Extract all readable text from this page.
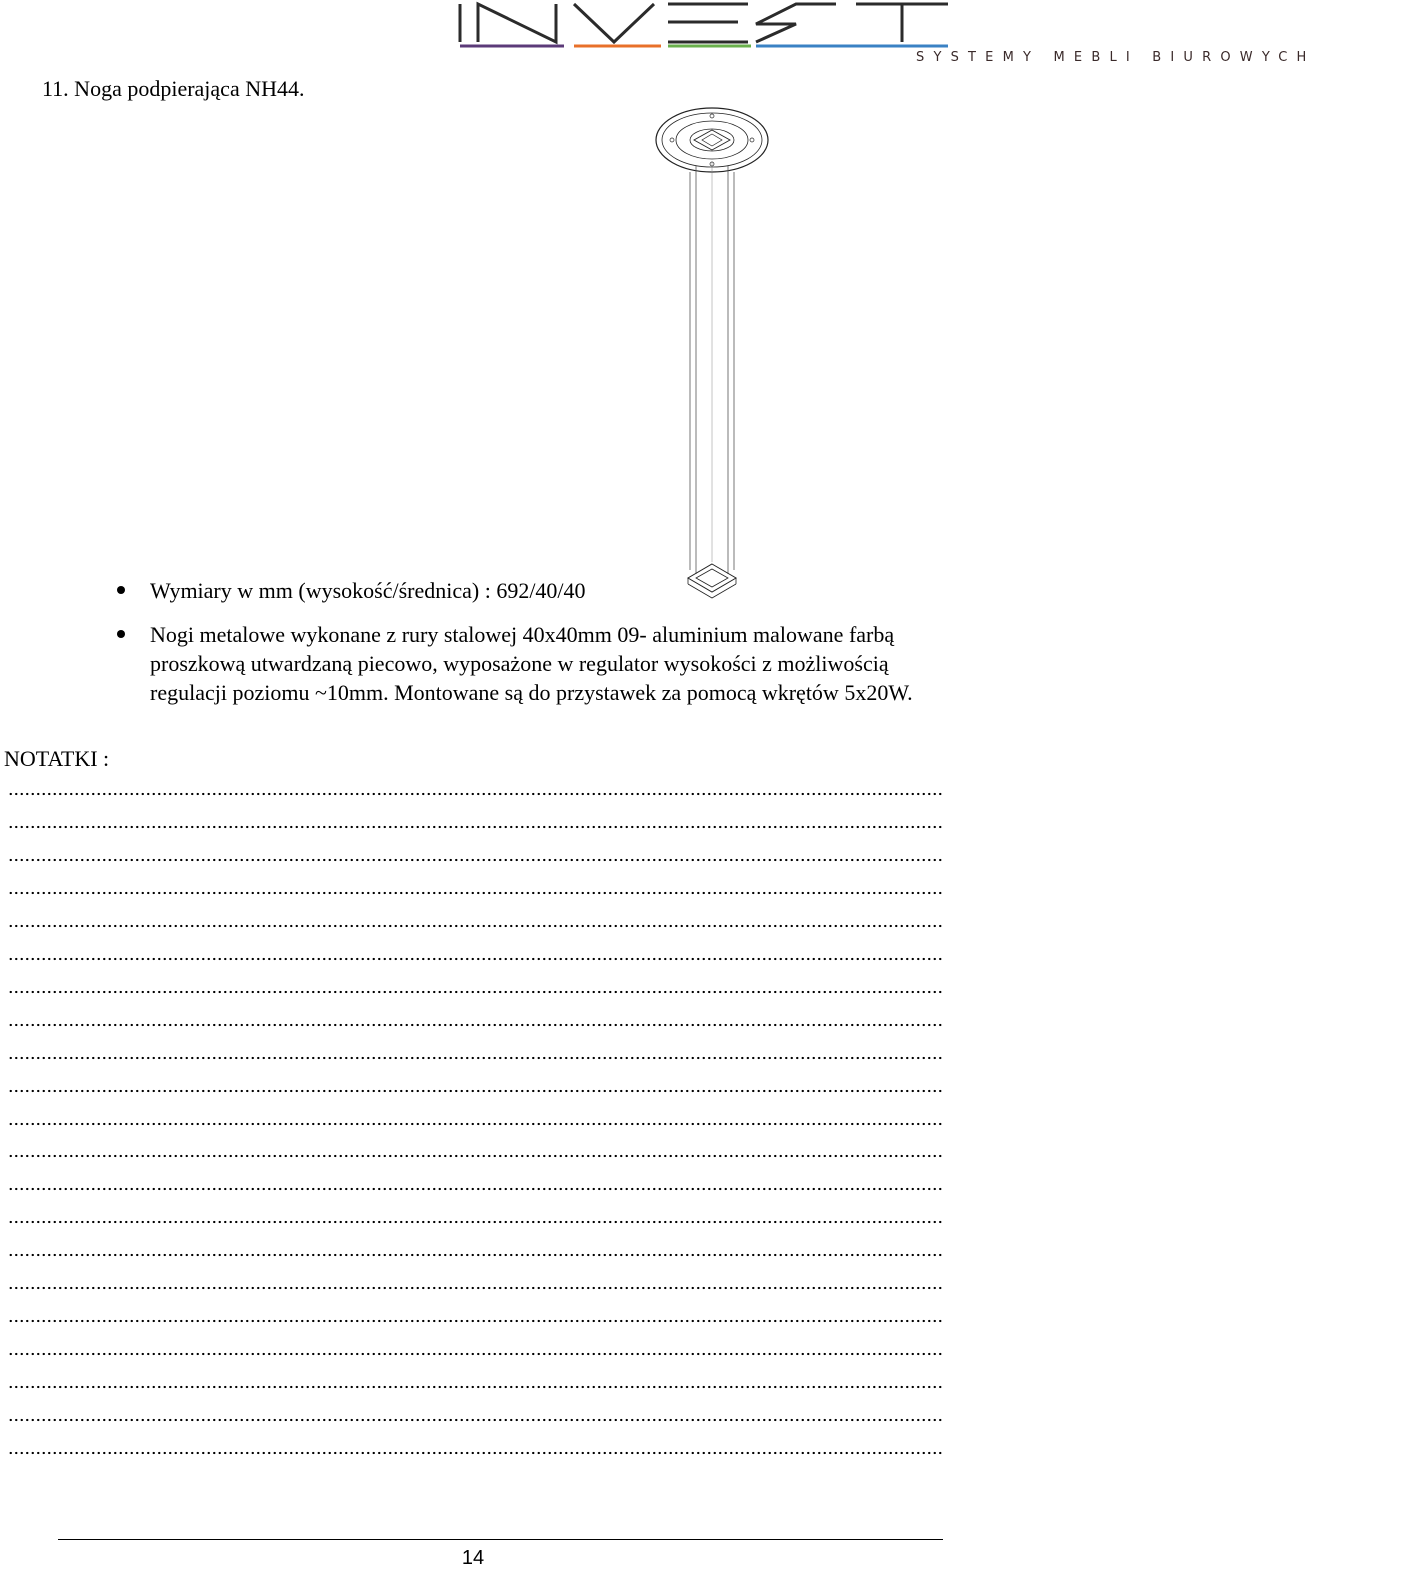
SYSTEMY MEBLI BIUROWYCH
11. Noga podpierająca NH44.
Wymiary w mm (wysokość/średnica) : 692/40/40
Nogi metalowe wykonane z rury stalowej 40x40mm 09- aluminium malowane farbą proszkową utwardzaną piecowo, wyposażone w regulator wysokości z możliwością regulacji poziomu ~10mm. Montowane są do przystawek za pomocą wkrętów 5x20W.
NOTATKI :
14
